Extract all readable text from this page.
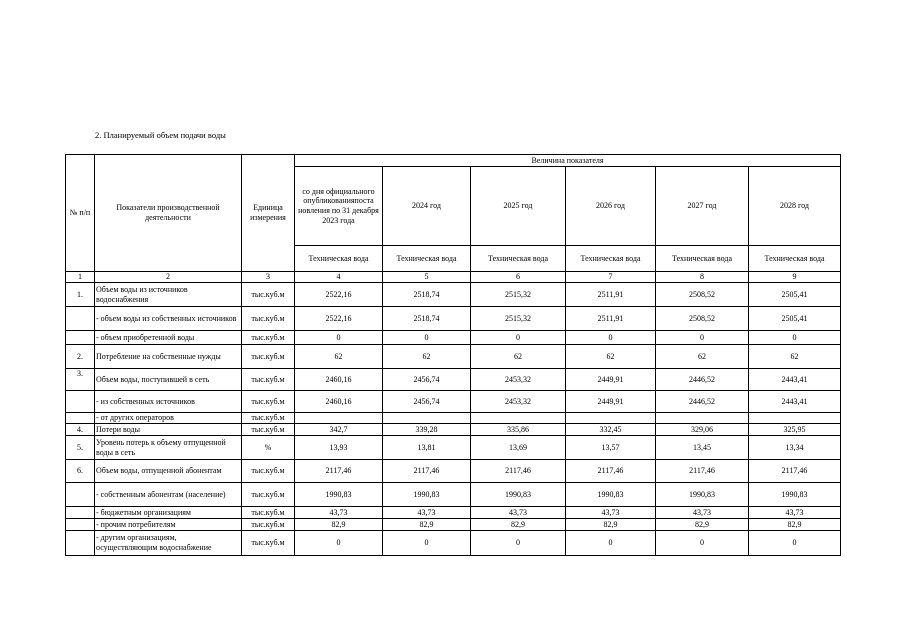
2. Планируемый объем подачи воды
№ п/п	Показатели производственной деятельности	Единица измерения	Величина показателя					
			со дня официального опубликованияпоста новления по 31 декабря 2023 года	2024 год	2025 год	2026 год	2027 год	2028 год
			Техническая вода	Техническая вода	Техническая вода	Техническая вода	Техническая вода	Техническая вода
1	2	3	4	5	6	7	8	9
1.	Объем воды из источников водоснабжения	тыс.куб.м	2522,16	2518,74	2515,32	2511,91	2508,52	2505,41
	- объем воды из собственных источников	тыс.куб.м	2522,16	2518,74	2515,32	2511,91	2508,52	2505,41
	- объем приобретенной воды	тыс.куб.м	0	0	0	0	0	0
2.	Потребление на собственные нужды	тыс.куб.м	62	62	62	62	62	62
3.	Объем воды, поступившей в сеть	тыс.куб.м	2460,16	2456,74	2453,32	2449,91	2446,52	2443,41
	- из собственных источников	тыс.куб.м	2460,16	2456,74	2453,32	2449,91	2446,52	2443,41
	- от других операторов	тыс.куб.м						
4.	Потери воды	тыс.куб.м	342,7	339,28	335,86	332,45	329,06	325,95
5.	Уровень потерь к объему отпущенной воды в сеть	%	13,93	13,81	13,69	13,57	13,45	13,34
6.	Объем воды, отпущенной абонентам	тыс.куб.м	2117,46	2117,46	2117,46	2117,46	2117,46	2117,46
	- собственным абонентам (население)	тыс.куб.м	1990,83	1990,83	1990,83	1990,83	1990,83	1990,83
	- бюджетным организациям	тыс.куб.м	43,73	43,73	43,73	43,73	43,73	43,73
	- прочим потребителям	тыс.куб.м	82,9	82,9	82,9	82,9	82,9	82,9
	- другим организациям, осуществляющим водоснабжение	тыс.куб.м	0	0	0	0	0	0
